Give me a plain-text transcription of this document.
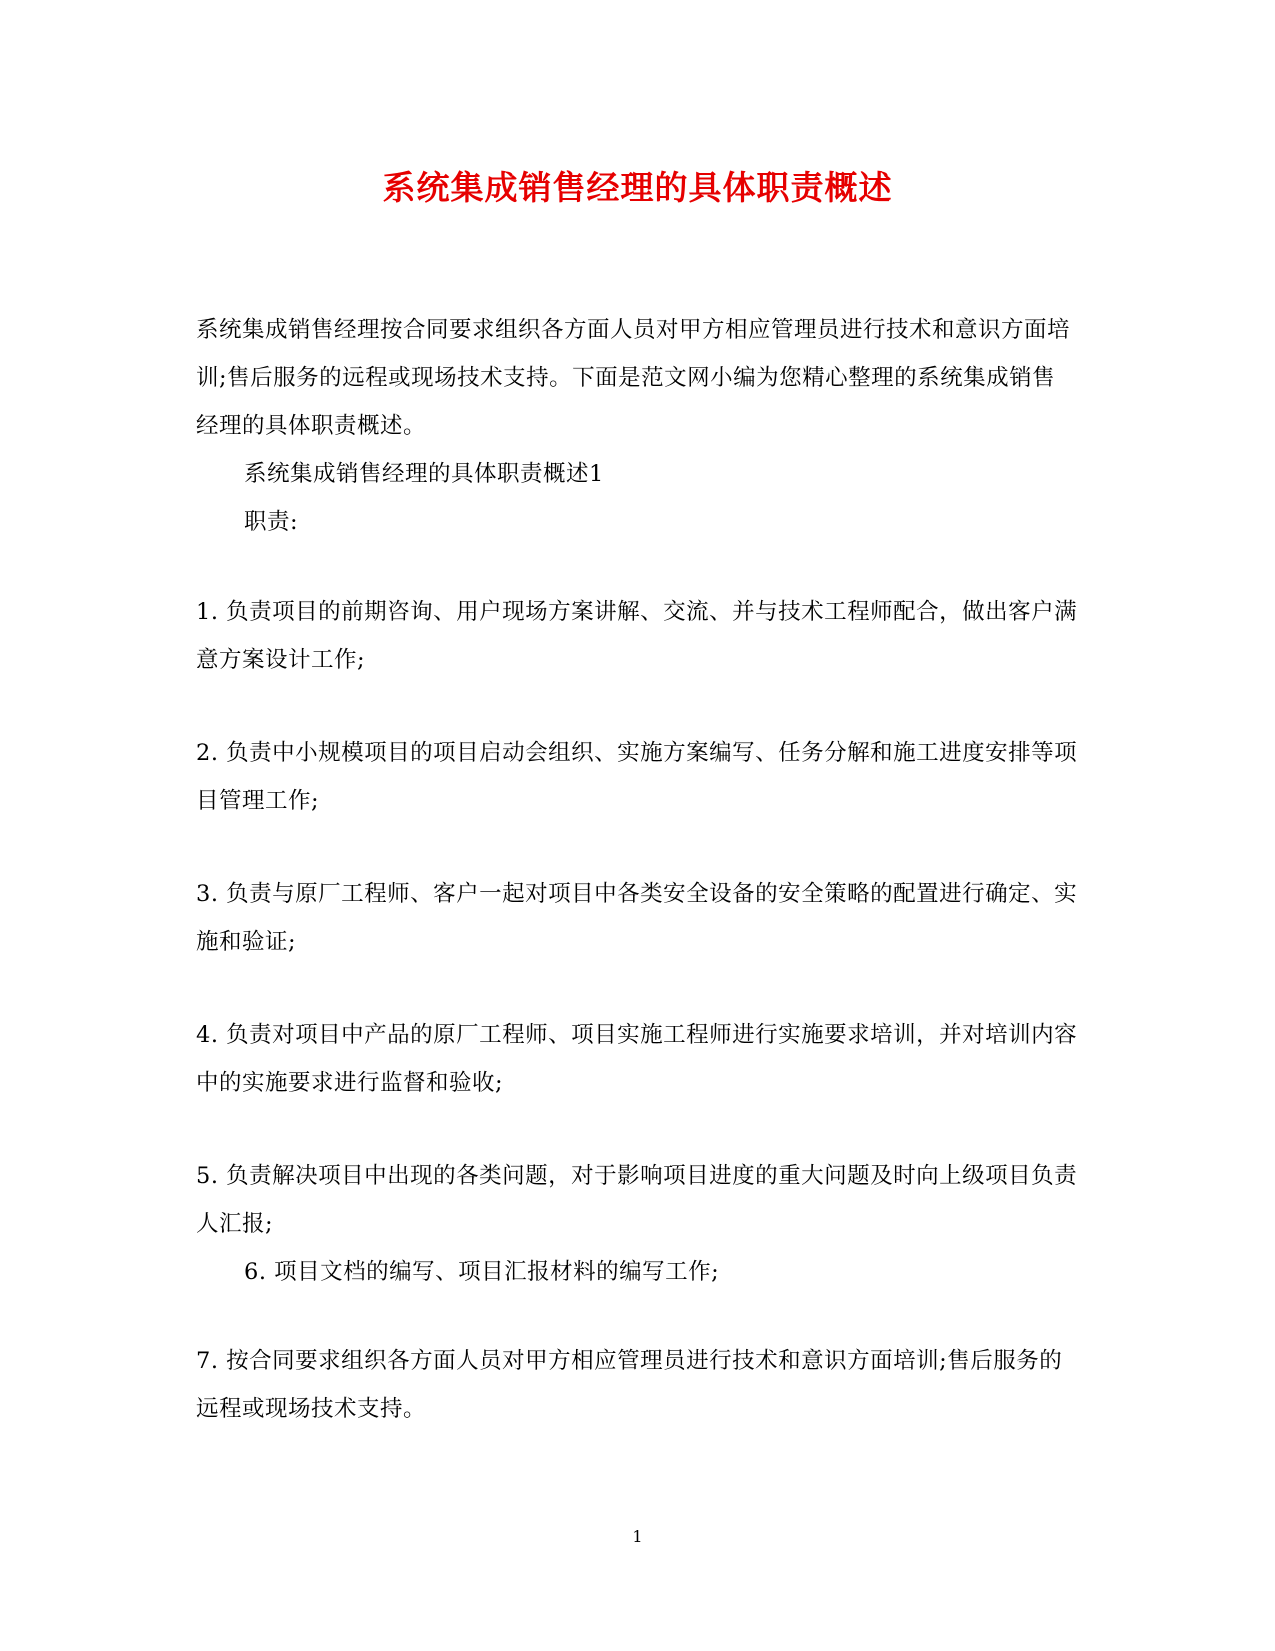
系统集成销售经理的具体职责概述

系统集成销售经理按合同要求组织各方面人员对甲方相应管理员进行技术和意识方面培训;售后服务的远程或现场技术支持。下面是范文网小编为您精心整理的系统集成销售经理的具体职责概述。

系统集成销售经理的具体职责概述1

职责:

1. 负责项目的前期咨询、用户现场方案讲解、交流、并与技术工程师配合，做出客户满意方案设计工作;

2. 负责中小规模项目的项目启动会组织、实施方案编写、任务分解和施工进度安排等项目管理工作;

3. 负责与原厂工程师、客户一起对项目中各类安全设备的安全策略的配置进行确定、实施和验证;

4. 负责对项目中产品的原厂工程师、项目实施工程师进行实施要求培训，并对培训内容中的实施要求进行监督和验收;

5. 负责解决项目中出现的各类问题，对于影响项目进度的重大问题及时向上级项目负责人汇报;

6. 项目文档的编写、项目汇报材料的编写工作;

7. 按合同要求组织各方面人员对甲方相应管理员进行技术和意识方面培训;售后服务的远程或现场技术支持。

1
